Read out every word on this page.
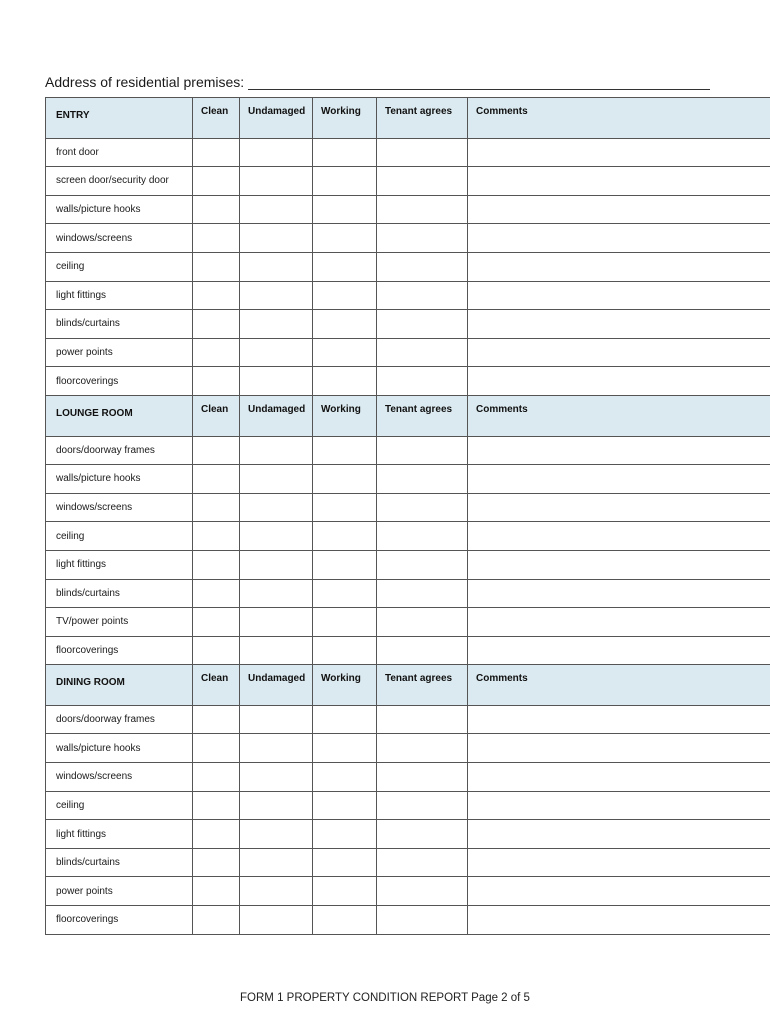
Address of residential premises:
ENTRY	Clean	Undamaged	Working	Tenant agrees	Comments
front door					
screen door/security door					
walls/picture hooks					
windows/screens					
ceiling					
light fittings					
blinds/curtains					
power points					
floorcoverings					
LOUNGE ROOM	Clean	Undamaged	Working	Tenant agrees	Comments
doors/doorway frames					
walls/picture hooks					
windows/screens					
ceiling					
light fittings					
blinds/curtains					
TV/power points					
floorcoverings					
DINING ROOM	Clean	Undamaged	Working	Tenant agrees	Comments
doors/doorway frames					
walls/picture hooks					
windows/screens					
ceiling					
light fittings					
blinds/curtains					
power points					
floorcoverings					
FORM 1 PROPERTY CONDITION REPORT Page 2 of 5
